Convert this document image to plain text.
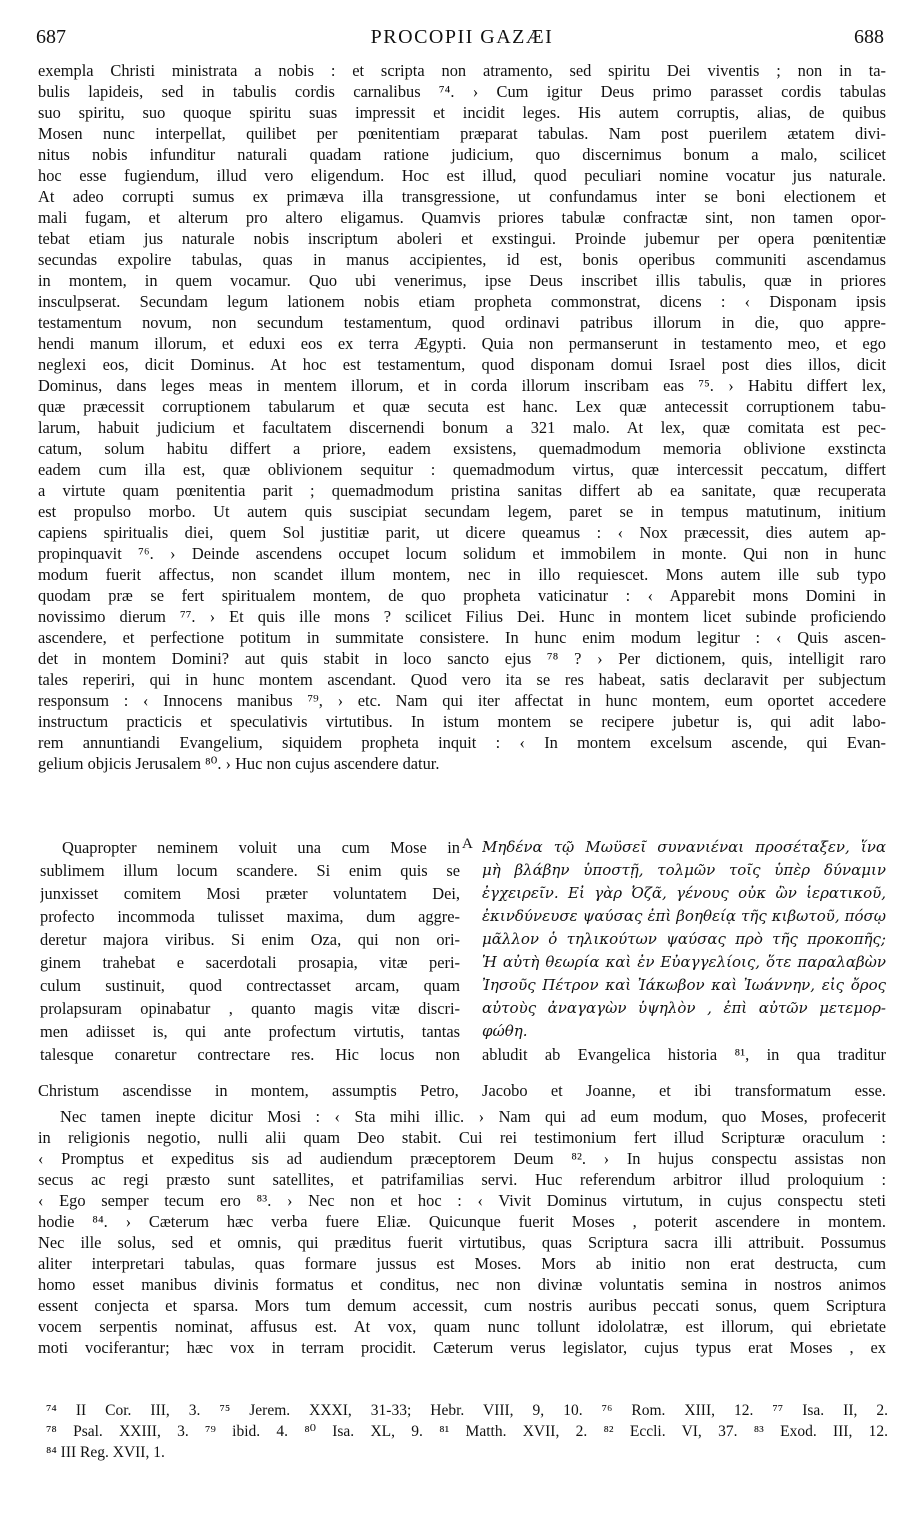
687	PROCOPII GAZÆI	688
exempla Christi ministrata a nobis : et scripta non atramento, sed spiritu Dei viventis ; non in ta-
bulis lapideis, sed in tabulis cordis carnalibus ⁷⁴. › Cum igitur Deus primo parasset cordis tabulas
suo spiritu, suo quoque spiritu suas impressit et incidit leges. His autem corruptis, alias, de quibus
Mosen nunc interpellat, quilibet per pœnitentiam præparat tabulas. Nam post puerilem ætatem divi-
nitus nobis infunditur naturali quadam ratione judicium, quo discernimus bonum a malo, scilicet
hoc esse fugiendum, illud vero eligendum. Hoc est illud, quod peculiari nomine vocatur jus naturale.
At adeo corrupti sumus ex primæva illa transgressione, ut confundamus inter se boni electionem et
mali fugam, et alterum pro altero eligamus. Quamvis priores tabulæ confractæ sint, non tamen opor-
tebat etiam jus naturale nobis inscriptum aboleri et exstingui. Proinde jubemur per opera pœnitentiæ
secundas expolire tabulas, quas in manus accipientes, id est, bonis operibus communiti ascendamus
in montem, in quem vocamur. Quo ubi venerimus, ipse Deus inscribet illis tabulis, quæ in priores
insculpserat. Secundam legum lationem nobis etiam propheta commonstrat, dicens : ‹ Disponam ipsis
testamentum novum, non secundum testamentum, quod ordinavi patribus illorum in die, quo appre-
hendi manum illorum, et eduxi eos ex terra Ægypti. Quia non permanserunt in testamento meo, et ego
neglexi eos, dicit Dominus. At hoc est testamentum, quod disponam domui Israel post dies illos, dicit
Dominus, dans leges meas in mentem illorum, et in corda illorum inscribam eas ⁷⁵. › Habitu differt lex,
quæ præcessit corruptionem tabularum et quæ secuta est hanc. Lex quæ antecessit corruptionem tabu-
larum, habuit judicium et facultatem discernendi bonum a 321 malo. At lex, quæ comitata est pec-
catum, solum habitu differt a priore, eadem exsistens, quemadmodum memoria oblivione exstincta
eadem cum illa est, quæ oblivionem sequitur : quemadmodum virtus, quæ intercessit peccatum, differt
a virtute quam pœnitentia parit ; quemadmodum pristina sanitas differt ab ea sanitate, quæ recuperata
est propulso morbo. Ut autem quis suscipiat secundam legem, paret se in tempus matutinum, initium
capiens spiritualis diei, quem Sol justitiæ parit, ut dicere queamus : ‹ Nox præcessit, dies autem ap-
propinquavit ⁷⁶. › Deinde ascendens occupet locum solidum et immobilem in monte. Qui non in hunc
modum fuerit affectus, non scandet illum montem, nec in illo requiescet. Mons autem ille sub typo
quodam præ se fert spiritualem montem, de quo propheta vaticinatur : ‹ Apparebit mons Domini in
novissimo dierum ⁷⁷. › Et quis ille mons ? scilicet Filius Dei. Hunc in montem licet subinde proficiendo
ascendere, et perfectione potitum in summitate consistere. In hunc enim modum legitur : ‹ Quis ascen-
det in montem Domini? aut quis stabit in loco sancto ejus ⁷⁸ ? › Per dictionem, quis, intelligit raro
tales reperiri, qui in hunc montem ascendant. Quod vero ita se res habeat, satis declaravit per subjectum
responsum : ‹ Innocens manibus ⁷⁹, › etc. Nam qui iter affectat in hunc montem, eum oportet accedere
instructum practicis et speculativis virtutibus. In istum montem se recipere jubetur is, qui adit labo-
rem annuntiandi Evangelium, siquidem propheta inquit : ‹ In montem excelsum ascende, qui Evan-
gelium objicis Jerusalem ⁸⁰. › Huc non cujus ascendere datur.
Quapropter neminem voluit una cum Mose in
sublimem illum locum scandere. Si enim quis se
junxisset comitem Mosi præter voluntatem Dei,
profecto incommoda tulisset maxima, dum aggre-
deretur majora viribus. Si enim Oza, qui non ori-
ginem trahebat e sacerdotali prosapia, vitæ peri-
culum sustinuit, quod contrectasset arcam, quam
prolapsuram opinabatur , quanto magis vitæ discri-
men adiisset is, qui ante profectum virtutis, tantas
talesque conaretur contrectare res. Hic locus non
A Μηδένα τῷ Μωϋσεῖ συνανιέναι προσέταξεν, ἵνα
μὴ βλάβην ὑποστῇ, τολμῶν τοῖς ὑπὲρ δύναμιν
ἐγχειρεῖν. Εἰ γὰρ Ὀζᾶ, γένους οὐκ ὢν ἱερατικοῦ,
ἐκινδύνευσε ψαύσας ἐπὶ βοηθείᾳ τῆς κιβωτοῦ, πόσῳ
μᾶλλον ὁ τηλικούτων ψαύσας πρὸ τῆς προκοπῆς;
Ἡ αὐτὴ θεωρία καὶ ἐν Εὐαγγελίοις, ὅτε παραλαβὼν
Ἰησοῦς Πέτρον καὶ Ἰάκωβον καὶ Ἰωάννην, εἰς ὄρος
αὐτοὺς ἀναγαγὼν ὑψηλὸν , ἐπὶ αὐτῶν μετεμορ-
φώθη.
abludit ab Evangelica historia ⁸¹, in qua traditur
Christum ascendisse in montem, assumptis Petro, Jacobo et Joanne, et ibi transformatum esse.
Nec tamen inepte dicitur Mosi : ‹ Sta mihi illic. › Nam qui ad eum modum, quo Moses, profecerit
in religionis negotio, nulli alii quam Deo stabit. Cui rei testimonium fert illud Scripturæ oraculum :
‹ Promptus et expeditus sis ad audiendum præceptorem Deum ⁸². › In hujus conspectu assistas non
secus ac regi præsto sunt satellites, et patrifamilias servi. Huc referendum arbitror illud proloquium :
‹ Ego semper tecum ero ⁸³. › Nec non et hoc : ‹ Vivit Dominus virtutum, in cujus conspectu steti
hodie ⁸⁴. › Cæterum hæc verba fuere Eliæ. Quicunque fuerit Moses , poterit ascendere in montem.
Nec ille solus, sed et omnis, qui præditus fuerit virtutibus, quas Scriptura sacra illi attribuit. Possumus
aliter interpretari tabulas, quas formare jussus est Moses. Mors ab initio non erat destructa, cum
homo esset manibus divinis formatus et conditus, nec non divinæ voluntatis semina in nostros animos
essent conjecta et sparsa. Mors tum demum accessit, cum nostris auribus peccati sonus, quem Scriptura
vocem serpentis nominat, affusus est. At vox, quam nunc tollunt idololatræ, est illorum, qui ebrietate
moti vociferantur; hæc vox in terram procidit. Cæterum verus legislator, cujus typus erat Moses , ex
⁷⁴ II Cor. III, 3. ⁷⁵ Jerem. XXXI, 31-33; Hebr. VIII, 9, 10. ⁷⁶ Rom. XIII, 12. ⁷⁷ Isa. II, 2.
⁷⁸ Psal. XXIII, 3. ⁷⁹ ibid. 4. ⁸⁰ Isa. XL, 9. ⁸¹ Matth. XVII, 2. ⁸² Eccli. VI, 37. ⁸³ Exod. III, 12.
⁸⁴ III Reg. XVII, 1.
